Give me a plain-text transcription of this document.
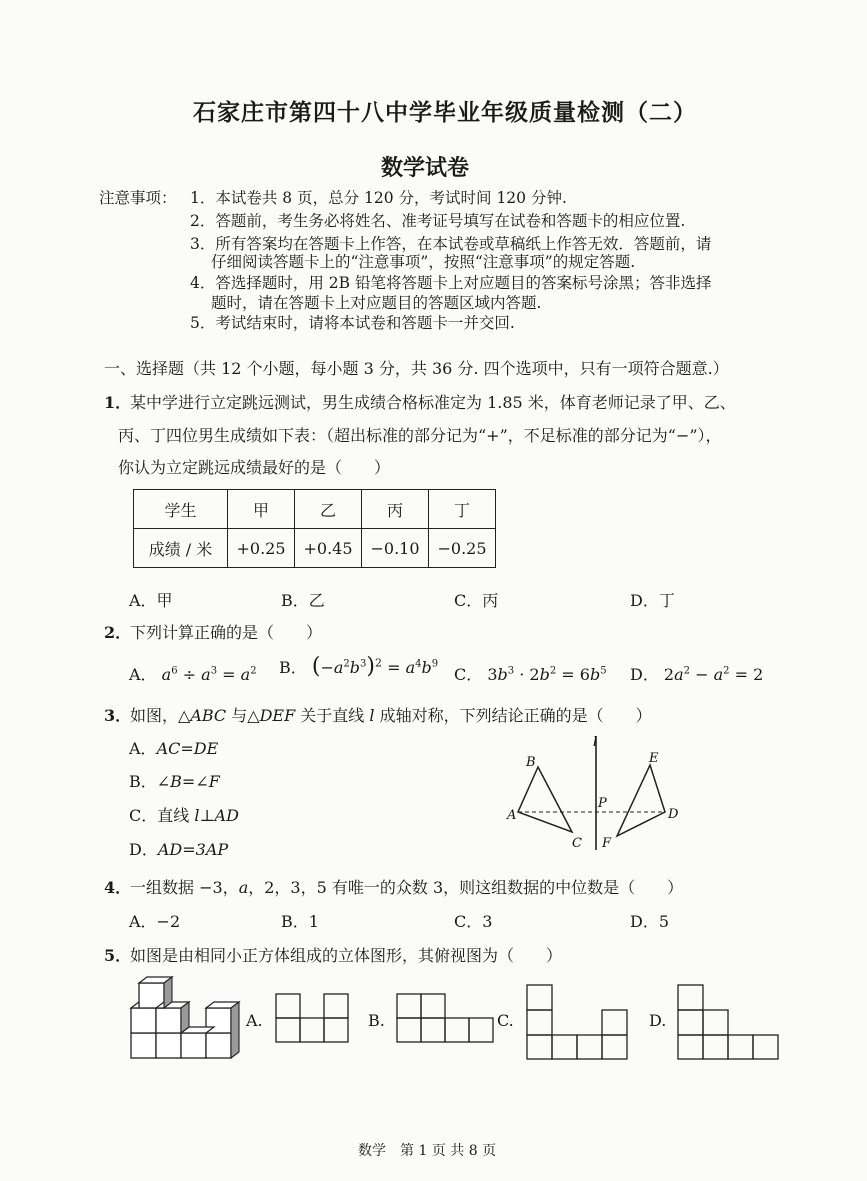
石家庄市第四十八中学毕业年级质量检测（二）
数学试卷
注意事项： 1．本试卷共 8 页，总分 120 分，考试时间 120 分钟.
2．答题前，考生务必将姓名、准考证号填写在试卷和答题卡的相应位置.
3．所有答案均在答题卡上作答，在本试卷或草稿纸上作答无效．答题前，请
仔细阅读答题卡上的“注意事项”，按照“注意事项”的规定答题.
4．答选择题时，用 2B 铅笔将答题卡上对应题目的答案标号涂黑；答非选择
题时，请在答题卡上对应题目的答题区域内答题.
5．考试结束时，请将本试卷和答题卡一并交回.
一、选择题（共 12 个小题，每小题 3 分，共 36 分. 四个选项中，只有一项符合题意.）
1．
某中学进行立定跳远测试，男生成绩合格标准定为 1.85 米，体育老师记录了甲、乙、
丙、丁四位男生成绩如下表：（超出标准的部分记为“+”，不足标准的部分记为“−”），
你认为立定跳远成绩最好的是（　　）
学生	甲	乙	丙	丁
成绩 / 米	+0.25	+0.45	−0.10	−0.25
A．甲	B．乙	C．丙	D．丁
2．
下列计算正确的是（　　）
A． $a^6 \div a^3 = a^2$ B． $(-a^2b^3)^2 = a^4b^9$
C． $3b^3 \cdot 2b^2 = 6b^5$ D． $2a^2 - a^2 = 2$
3．
如图，△ABC 与△DEF 关于直线 l 成轴对称，下列结论正确的是（　　）
A．AC=DE
B．∠B=∠F
C．直线 l⊥AD
D．AD=3AP
B	E
l
P
A	D
C F
4．
一组数据 −3，a，2，3，5 有唯一的众数 3，则这组数据的中位数是（　　）
A．−2	B．1	C．3	D．5
5．
如图是由相同小正方体组成的立体图形，其俯视图为（　　）
A.	B.	C.	D.
数学　第 1 页 共 8 页
